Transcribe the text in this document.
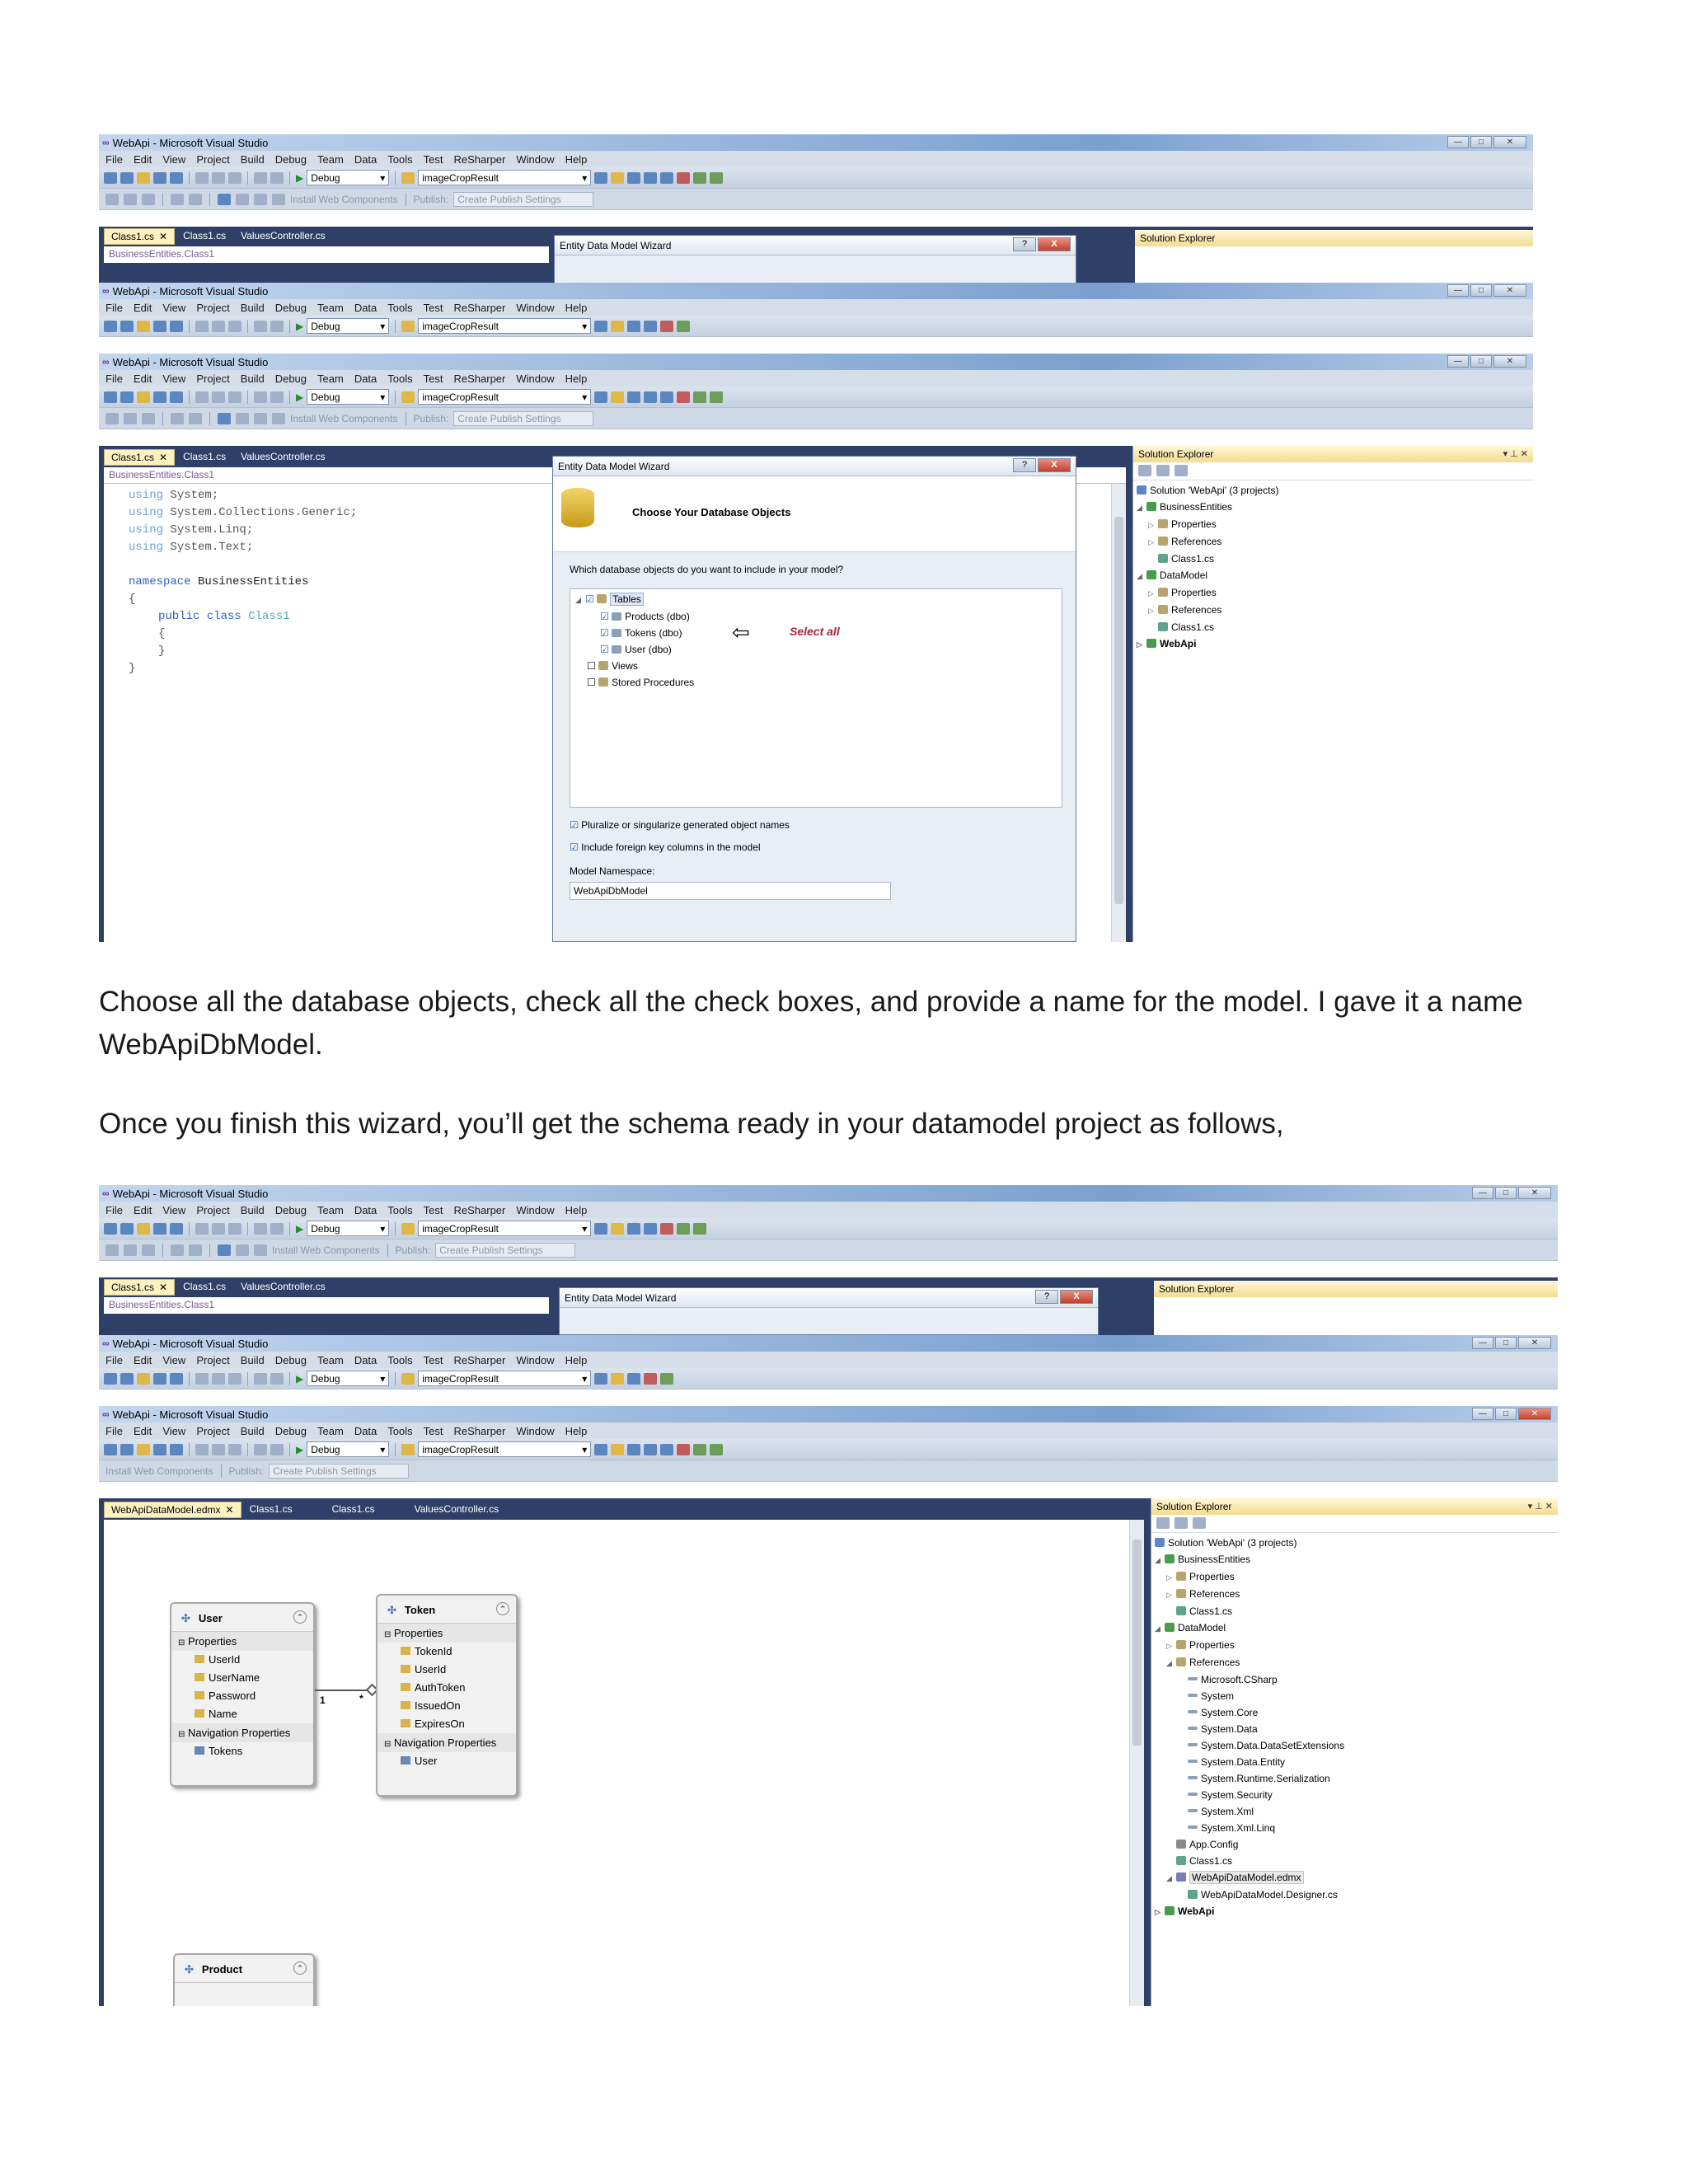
∞ WebApi - Microsoft Visual Studio	—	□	✕
File Edit View Project Build Debug Team Data Tools Test ReSharper Window Help
▶ Debug	▾	imageCropResult	▾
Install Web Components Publish: Create Publish Settings
Class1.cs ✕	Class1.cs	ValuesController.cs
BusinessEntities.Class1
Entity Data Model Wizard	?	X	Solution Explorer
∞ WebApi - Microsoft Visual Studio	—	□	✕
File Edit View Project Build Debug Team Data Tools Test ReSharper Window Help
▶ Debug	▾	imageCropResult	▾
∞ WebApi - Microsoft Visual Studio	—	□	✕
File Edit View Project Build Debug Team Data Tools Test ReSharper Window Help
▶ Debug	▾	imageCropResult	▾
Install Web Components Publish: Create Publish Settings
Class1.cs ✕	Class1.cs	ValuesController.cs
BusinessEntities.Class1
using System;
using System.Collections.Generic;
using System.Linq;
using System.Text;
namespace BusinessEntities
{
public class Class1
{
}
}
Entity Data Model Wizard	?	X
Choose Your Database Objects
Which database objects do you want to include in your model?
◢ ☑ Tables
☑ Products (dbo)
☑ Tokens (dbo) ⇦	Select all
☑ User (dbo)
☐ Views
☐ Stored Procedures
☑ Pluralize or singularize generated object names
☑ Include foreign key columns in the model
Model Namespace:
WebApiDbModel
Solution Explorer	▾ ⊥ ✕
Solution 'WebApi' (3 projects)
◢ BusinessEntities
▷ Properties
▷ References
Class1.cs
◢ DataModel
▷ Properties
▷ References
Class1.cs
▷ WebApi
Choose all the database objects, check all the check boxes, and provide a name for the model. I gave it a name
WebApiDbModel.
Once you finish this wizard, you’ll get the schema ready in your datamodel project as follows,
∞ WebApi - Microsoft Visual Studio	—	□	✕
File Edit View Project Build Debug Team Data Tools Test ReSharper Window Help
▶ Debug	▾	imageCropResult	▾
Install Web Components Publish: Create Publish Settings
Class1.cs ✕	Class1.cs	ValuesController.cs
BusinessEntities.Class1
Entity Data Model Wizard	?	X
Solution Explorer
∞ WebApi - Microsoft Visual Studio	—	□	✕
File Edit View Project Build Debug Team Data Tools Test ReSharper Window Help
▶ Debug	▾	imageCropResult	▾
∞ WebApi - Microsoft Visual Studio	—	□	✕
File Edit View Project Build Debug Team Data Tools Test ReSharper Window Help
▶ Debug	▾	imageCropResult	▾
Install Web Components Publish: Create Publish Settings
WebApiDataModel.edmx ✕	Class1.cs	Class1.cs	ValuesController.cs
✣ User	⌃
⊟ Properties
UserId
UserName
Password
Name
⊟ Navigation Properties
Tokens
1	*
✣ Token	⌃
⊟ Properties
TokenId
UserId
AuthToken
IssuedOn
ExpiresOn
⊟ Navigation Properties
User
✣ Product	⌃
Solution Explorer	▾ ⊥ ✕
Solution 'WebApi' (3 projects)
◢ BusinessEntities
▷ Properties
▷ References
Class1.cs
◢ DataModel
▷ Properties
◢ References
Microsoft.CSharp
System
System.Core
System.Data
System.Data.DataSetExtensions
System.Data.Entity
System.Runtime.Serialization
System.Security
System.Xml
System.Xml.Linq
App.Config
Class1.cs
◢ WebApiDataModel.edmx
WebApiDataModel.Designer.cs
▷ WebApi
